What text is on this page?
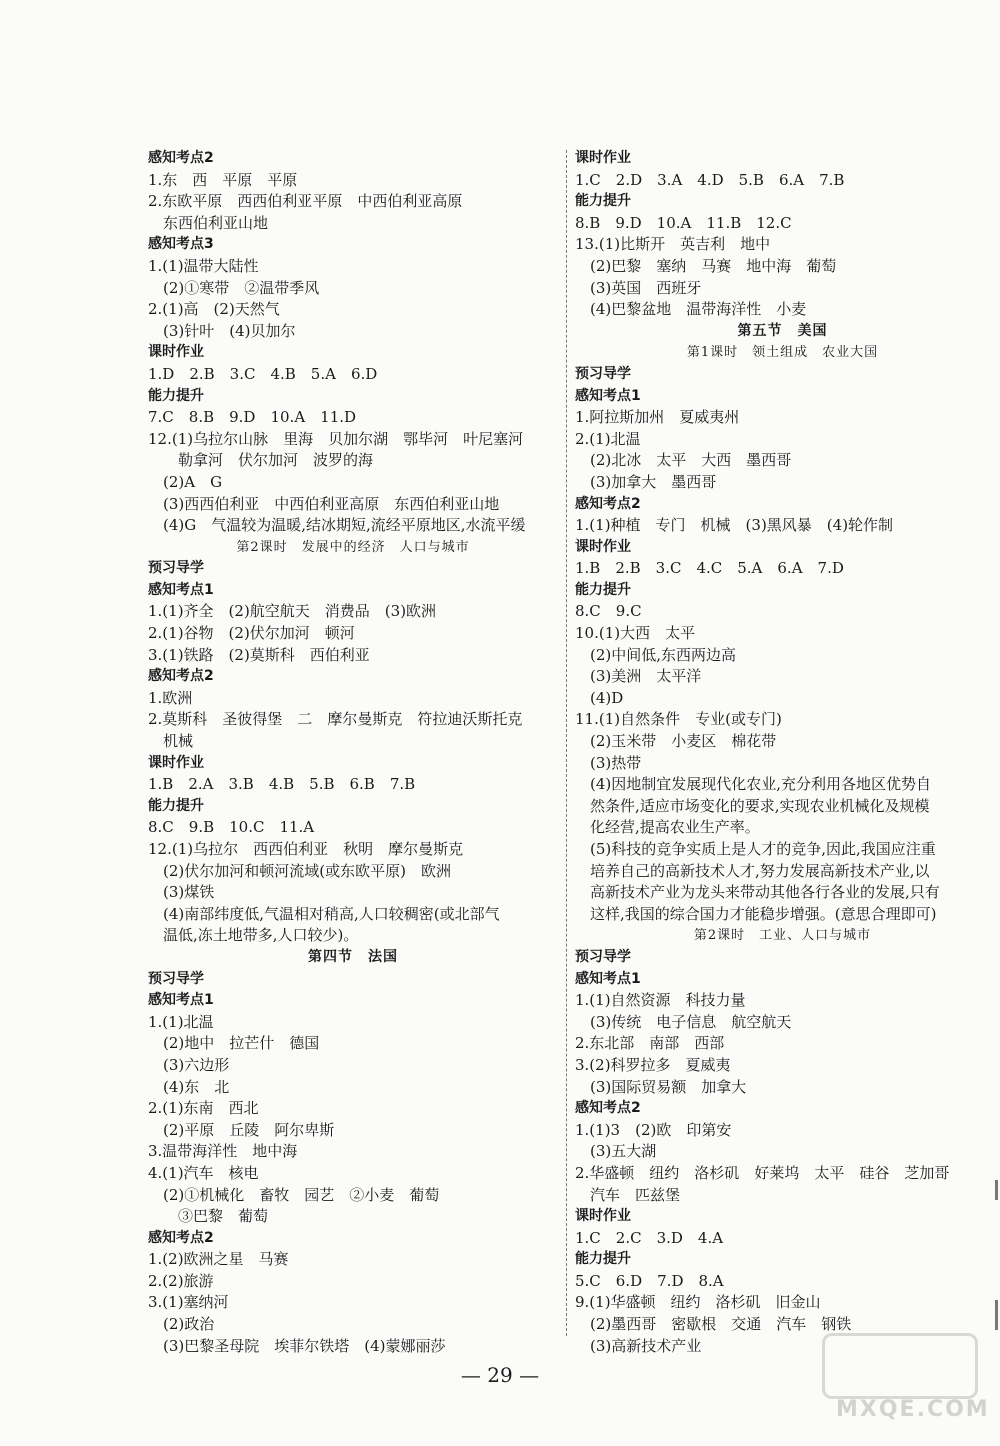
感知考点2
1.东　西　平原　平原
2.东欧平原　西西伯利亚平原　中西伯利亚高原
　东西伯利亚山地
感知考点3
1.(1)温带大陆性
　(2)①寒带　②温带季风
2.(1)高　(2)天然气
　(3)针叶　(4)贝加尔
课时作业
1.D　2.B　3.C　4.B　5.A　6.D
能力提升
7.C　8.B　9.D　10.A　11.D
12.(1)乌拉尔山脉　里海　贝加尔湖　鄂毕河　叶尼塞河
　　勒拿河　伏尔加河　波罗的海
　(2)A　G
　(3)西西伯利亚　中西伯利亚高原　东西伯利亚山地
　(4)G　气温较为温暖,结冰期短,流经平原地区,水流平缓
第2课时　发展中的经济　人口与城市
预习导学
感知考点1
1.(1)齐全　(2)航空航天　消费品　(3)欧洲
2.(1)谷物　(2)伏尔加河　顿河
3.(1)铁路　(2)莫斯科　西伯利亚
感知考点2
1.欧洲
2.莫斯科　圣彼得堡　二　摩尔曼斯克　符拉迪沃斯托克
　机械
课时作业
1.B　2.A　3.B　4.B　5.B　6.B　7.B
能力提升
8.C　9.B　10.C　11.A
12.(1)乌拉尔　西西伯利亚　秋明　摩尔曼斯克
　(2)伏尔加河和顿河流域(或东欧平原)　欧洲
　(3)煤铁
　(4)南部纬度低,气温相对稍高,人口较稠密(或北部气
　温低,冻土地带多,人口较少)。
第四节　法国
预习导学
感知考点1
1.(1)北温
　(2)地中　拉芒什　德国
　(3)六边形
　(4)东　北
2.(1)东南　西北
　(2)平原　丘陵　阿尔卑斯
3.温带海洋性　地中海
4.(1)汽车　核电
　(2)①机械化　畜牧　园艺　②小麦　葡萄
　　③巴黎　葡萄
感知考点2
1.(2)欧洲之星　马赛
2.(2)旅游
3.(1)塞纳河
　(2)政治
　(3)巴黎圣母院　埃菲尔铁塔　(4)蒙娜丽莎
课时作业
1.C　2.D　3.A　4.D　5.B　6.A　7.B
能力提升
8.B　9.D　10.A　11.B　12.C
13.(1)比斯开　英吉利　地中
　(2)巴黎　塞纳　马赛　地中海　葡萄
　(3)英国　西班牙
　(4)巴黎盆地　温带海洋性　小麦
第五节　美国
第1课时　领土组成　农业大国
预习导学
感知考点1
1.阿拉斯加州　夏威夷州
2.(1)北温
　(2)北冰　太平　大西　墨西哥
　(3)加拿大　墨西哥
感知考点2
1.(1)种植　专门　机械　(3)黑风暴　(4)轮作制
课时作业
1.B　2.B　3.C　4.C　5.A　6.A　7.D
能力提升
8.C　9.C
10.(1)大西　太平
　(2)中间低,东西两边高
　(3)美洲　太平洋
　(4)D
11.(1)自然条件　专业(或专门)
　(2)玉米带　小麦区　棉花带
　(3)热带
　(4)因地制宜发展现代化农业,充分利用各地区优势自
　然条件,适应市场变化的要求,实现农业机械化及规模
　化经营,提高农业生产率。
　(5)科技的竞争实质上是人才的竞争,因此,我国应注重
　培养自己的高新技术人才,努力发展高新技术产业,以
　高新技术产业为龙头来带动其他各行各业的发展,只有
　这样,我国的综合国力才能稳步增强。(意思合理即可)
第2课时　工业、人口与城市
预习导学
感知考点1
1.(1)自然资源　科技力量
　(3)传统　电子信息　航空航天
2.东北部　南部　西部
3.(2)科罗拉多　夏威夷
　(3)国际贸易额　加拿大
感知考点2
1.(1)3　(2)欧　印第安
　(3)五大湖
2.华盛顿　纽约　洛杉矶　好莱坞　太平　硅谷　芝加哥
　汽车　匹兹堡
课时作业
1.C　2.C　3.D　4.A
能力提升
5.C　6.D　7.D　8.A
9.(1)华盛顿　纽约　洛杉矶　旧金山
　(2)墨西哥　密歇根　交通　汽车　钢铁
　(3)高新技术产业
— 29 —
MXQE.COM
